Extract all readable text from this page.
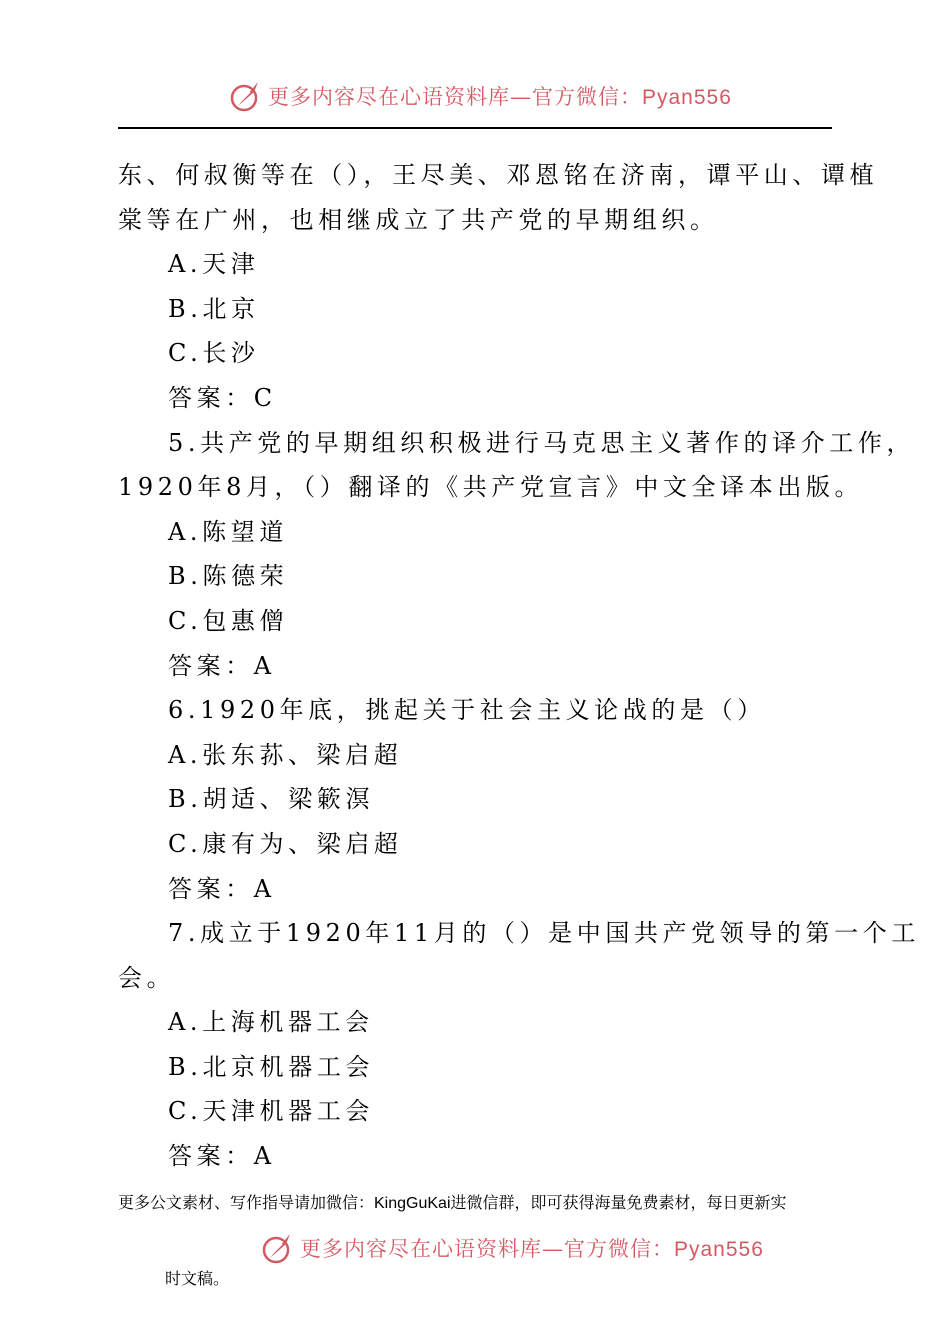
更多内容尽在心语资料库—官方微信：Pyan556
东、何叔衡等在（），王尽美、邓恩铭在济南，谭平山、谭植
棠等在广州，也相继成立了共产党的早期组织。
A.天津
B.北京
C.长沙
答案：C
5.共产党的早期组织积极进行马克思主义著作的译介工作，
1920年8月，（）翻译的《共产党宣言》中文全译本出版。
A.陈望道
B.陈德荣
C.包惠僧
答案：A
6.1920年底，挑起关于社会主义论战的是（）
A.张东荪、梁启超
B.胡适、梁簌溟
C.康有为、梁启超
答案：A
7.成立于1920年11月的（）是中国共产党领导的第一个工
会。
A.上海机器工会
B.北京机器工会
C.天津机器工会
答案：A
更多公文素材、写作指导请加微信：KingGuKai进微信群，即可获得海量免费素材，每日更新实
更多内容尽在心语资料库—官方微信：Pyan556
时文稿。
